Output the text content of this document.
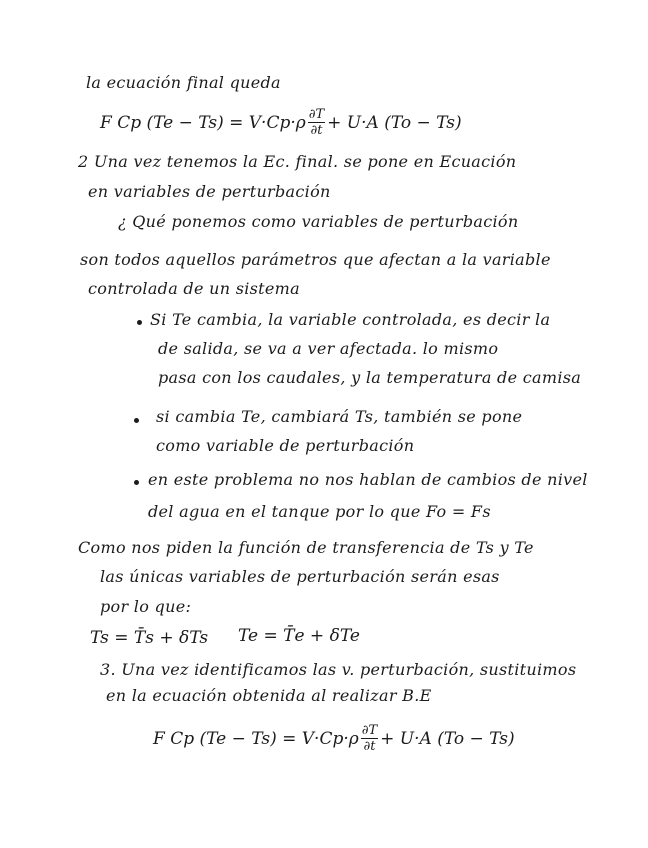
la ecuación final queda
F Cp $(Te - Ts) = V\cdot Cp\cdot\rho \frac{\partial T}{\partial t} + U\cdot A$ (To − Ts)
2 Una vez tenemos la Ec. final. se pone en Ecuación
en variables de perturbación
¿ Qué ponemos como variables de perturbación
son todos aquellos parámetros que afectan a la variable
controlada de un sistema
Si Te cambia, la variable controlada, es decir la
de salida, se va a ver afectada. lo mismo
pasa con los caudales, y la temperatura de camisa
si cambia Te, cambiará Ts, también se pone
como variable de perturbación
en este problema no nos hablan de cambios de nivel
del agua en el tanque por lo que Fo = Fs
Como nos piden la función de transferencia de Ts y Te
las únicas variables de perturbación serán esas
por lo que:
Ts = T̄s + δTs Te = T̄e + δTe
3. Una vez identificamos las v. perturbación, sustituimos
en la ecuación obtenida al realizar B.E
F Cp $(Te - Ts) = V\cdot Cp\cdot\rho \frac{\partial T}{\partial t} + U\cdot A$ (To − Ts)
